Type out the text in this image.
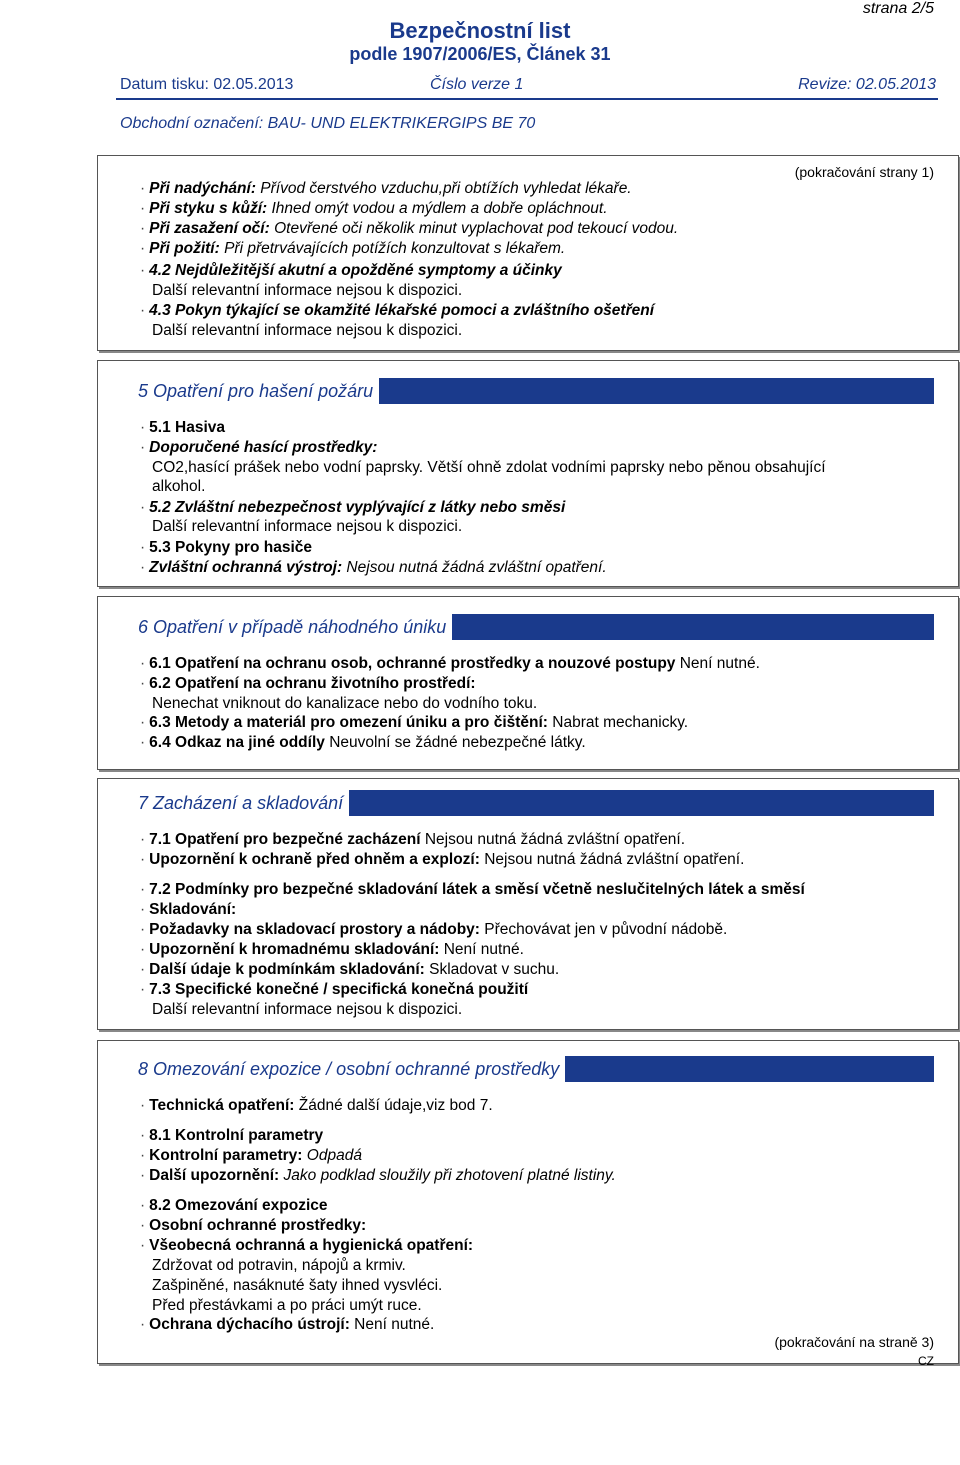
strana 2/5
Bezpečnostní list
podle 1907/2006/ES, Článek 31
Datum tisku: 02.05.2013	Číslo verze 1	Revize: 02.05.2013
Obchodní označení: BAU- UND ELEKTRIKERGIPS BE 70
(pokračování strany 1)
· Při nadýchání: Přívod čerstvého vzduchu,při obtížích vyhledat lékaře.
· Při styku s kůží: Ihned omýt vodou a mýdlem a dobře opláchnout.
· Při zasažení očí: Otevřené oči několik minut vyplachovat pod tekoucí vodou.
· Při požití: Při přetrvávajících potížích konzultovat s lékařem.
· 4.2 Nejdůležitější akutní a opožděné symptomy a účinky
Další relevantní informace nejsou k dispozici.
· 4.3 Pokyn týkající se okamžité lékařské pomoci a zvláštního ošetření
Další relevantní informace nejsou k dispozici.
5 Opatření pro hašení požáru
· 5.1 Hasiva
· Doporučené hasící prostředky:
CO2,hasící prášek nebo vodní paprsky. Větší ohně zdolat vodními paprsky nebo pěnou obsahující
alkohol.
· 5.2 Zvláštní nebezpečnost vyplývající z látky nebo směsi
Další relevantní informace nejsou k dispozici.
· 5.3 Pokyny pro hasiče
· Zvláštní ochranná výstroj: Nejsou nutná žádná zvláštní opatření.
6 Opatření v případě náhodného úniku
· 6.1 Opatření na ochranu osob, ochranné prostředky a nouzové postupy Není nutné.
· 6.2 Opatření na ochranu životního prostředí:
Nenechat vniknout do kanalizace nebo do vodního toku.
· 6.3 Metody a materiál pro omezení úniku a pro čištění: Nabrat mechanicky.
· 6.4 Odkaz na jiné oddíly Neuvolní se žádné nebezpečné látky.
7 Zacházení a skladování
· 7.1 Opatření pro bezpečné zacházení Nejsou nutná žádná zvláštní opatření.
· Upozornění k ochraně před ohněm a explozí: Nejsou nutná žádná zvláštní opatření.
· 7.2 Podmínky pro bezpečné skladování látek a směsí včetně neslučitelných látek a směsí
· Skladování:
· Požadavky na skladovací prostory a nádoby: Přechovávat jen v původní nádobě.
· Upozornění k hromadnému skladování: Není nutné.
· Další údaje k podmínkám skladování: Skladovat v suchu.
· 7.3 Specifické konečné / specifická konečná použití
Další relevantní informace nejsou k dispozici.
8 Omezování expozice / osobní ochranné prostředky
· Technická opatření: Žádné další údaje,viz bod 7.
· 8.1 Kontrolní parametry
· Kontrolní parametry: Odpadá
· Další upozornění: Jako podklad sloužily při zhotovení platné listiny.
· 8.2 Omezování expozice
· Osobní ochranné prostředky:
· Všeobecná ochranná a hygienická opatření:
Zdržovat od potravin, nápojů a krmiv.
Zašpiněné, nasáknuté šaty ihned vysvléci.
Před přestávkami a po práci umýt ruce.
· Ochrana dýchacího ústrojí: Není nutné.
(pokračování na straně 3)
CZ
